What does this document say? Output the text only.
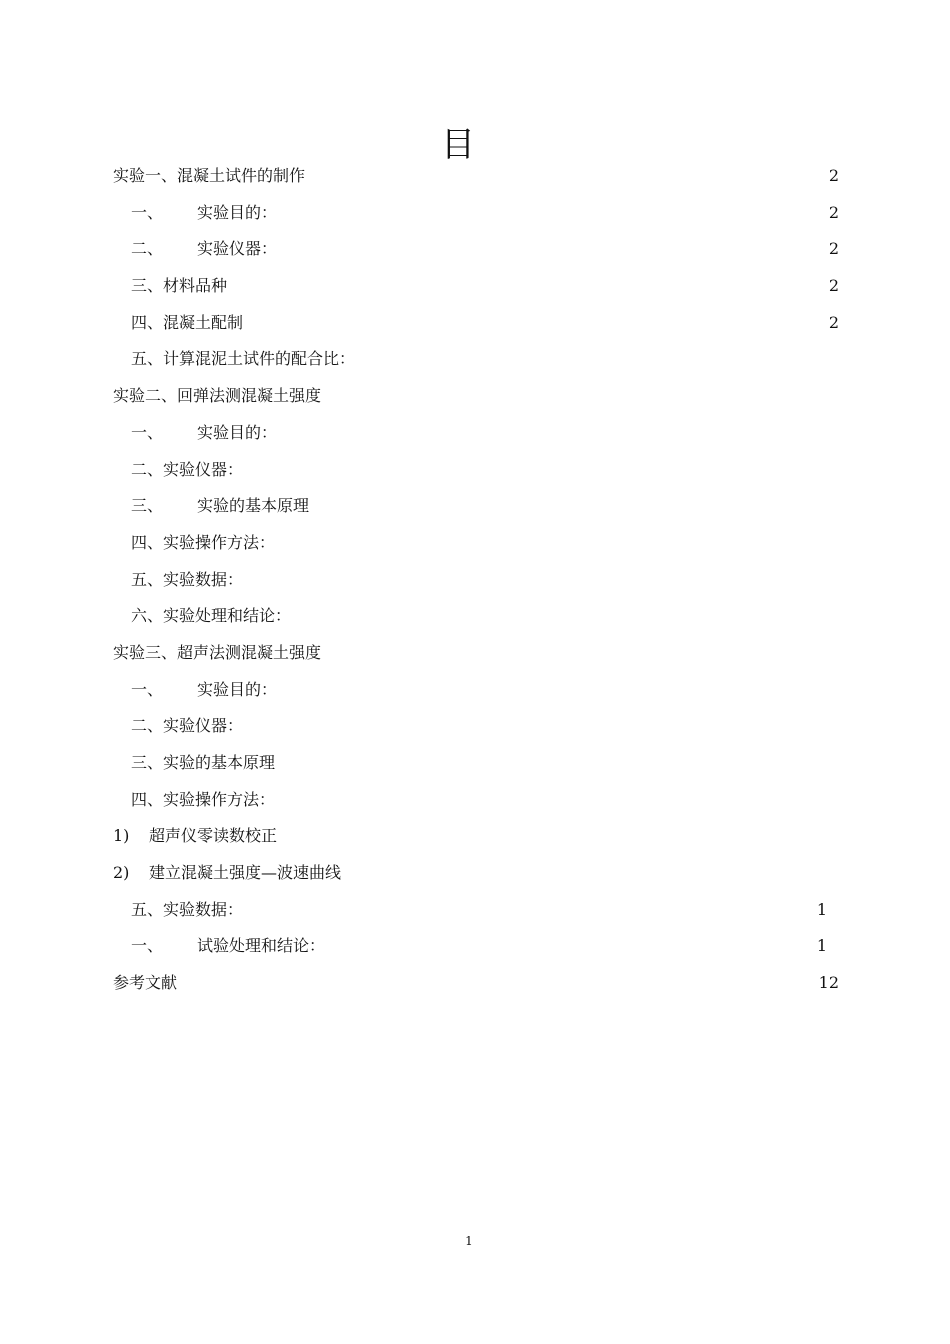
目
实验一、混凝土试件的制作	2
一、 实验目的：	2
二、 实验仪器：	2
三、材料品种	2
四、混凝土配制	2
五、计算混泥土试件的配合比：
实验二、回弹法测混凝土强度
一、 实验目的：
二、实验仪器：
三、 实验的基本原理
四、实验操作方法：
五、实验数据：
六、实验处理和结论：
实验三、超声法测混凝土强度
一、 实验目的：
二、实验仪器：
三、实验的基本原理
四、实验操作方法：
1) 超声仪零读数校正
2) 建立混凝土强度—波速曲线
五、实验数据：	1
一、 试验处理和结论：	1
参考文献	12
1
